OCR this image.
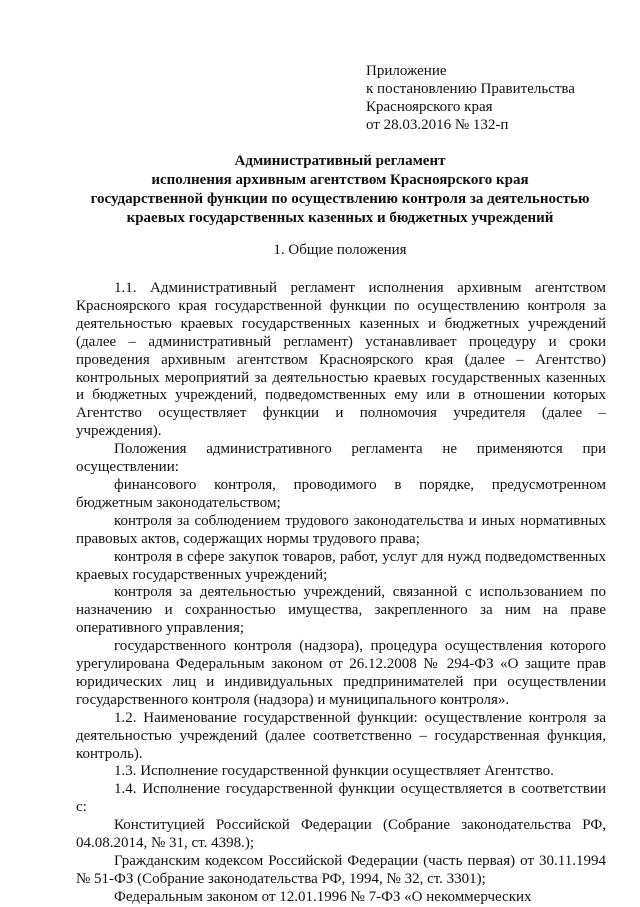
Приложение
к постановлению Правительства
Красноярского края
от 28.03.2016 № 132-п
Административный регламент
исполнения архивным агентством Красноярского края
государственной функции по осуществлению контроля за деятельностью
краевых государственных казенных и бюджетных учреждений
1. Общие положения

1.1. Административный регламент исполнения архивным агентством Красноярского края государственной функции по осуществлению контроля за деятельностью краевых государственных казенных и бюджетных учреждений (далее – административный регламент) устанавливает процедуру и сроки проведения архивным агентством Красноярского края (далее – Агентство) контрольных мероприятий за деятельностью краевых государственных казенных и бюджетных учреждений, подведомственных ему или в отношении которых Агентство осуществляет функции и полномочия учредителя (далее – учреждения).

Положения административного регламента не применяются при осуществлении:

финансового контроля, проводимого в порядке, предусмотренном бюджетным законодательством;

контроля за соблюдением трудового законодательства и иных нормативных правовых актов, содержащих нормы трудового права;

контроля в сфере закупок товаров, работ, услуг для нужд подведомственных краевых государственных учреждений;

контроля за деятельностью учреждений, связанной с использованием по назначению и сохранностью имущества, закрепленного за ним на праве оперативного управления;

государственного контроля (надзора), процедура осуществления которого урегулирована Федеральным законом от 26.12.2008 № 294-ФЗ «О защите прав юридических лиц и индивидуальных предпринимателей при осуществлении государственного контроля (надзора) и муниципального контроля».

1.2. Наименование государственной функции: осуществление контроля за деятельностью учреждений (далее соответственно – государственная функция, контроль).

1.3. Исполнение государственной функции осуществляет Агентство.

1.4. Исполнение государственной функции осуществляется в соответствии с:

Конституцией Российской Федерации (Собрание законодательства РФ, 04.08.2014, № 31, ст. 4398.);

Гражданским кодексом Российской Федерации (часть первая) от 30.11.1994 № 51-ФЗ (Собрание законодательства РФ, 1994, № 32, ст. 3301);

Федеральным законом от 12.01.1996 № 7-ФЗ «О некоммерческих
